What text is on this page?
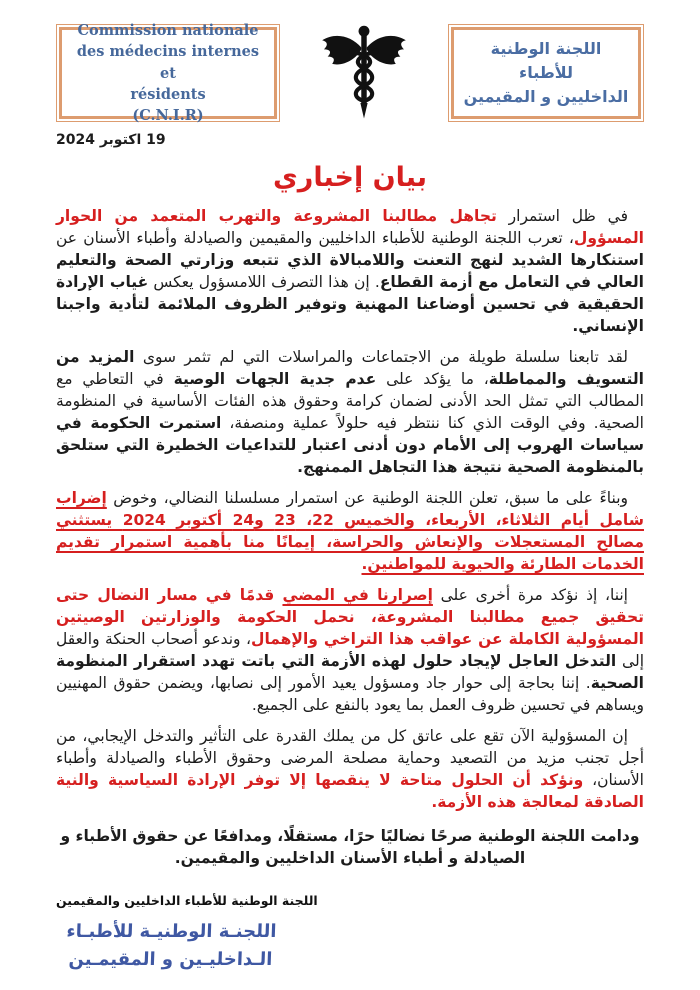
Commission nationale
des médecins internes et
résidents
(C.N.I.R)
اللجنة الوطنية
للأطباء
الداخليين و المقيمين
19 اكتوبر 2024
بيان إخباري

في ظل استمرار تجاهل مطالبنا المشروعة والتهرب المتعمد من الحوار المسؤول، تعرب اللجنة الوطنية للأطباء الداخليين والمقيمين والصيادلة وأطباء الأسنان عن استنكارها الشديد لنهج التعنت واللامبالاة الذي تتبعه وزارتي الصحة والتعليم العالي في التعامل مع أزمة القطاع. إن هذا التصرف اللامسؤول يعكس غياب الإرادة الحقيقية في تحسين أوضاعنا المهنية وتوفير الظروف الملائمة لتأدية واجبنا الإنساني.

لقد تابعنا سلسلة طويلة من الاجتماعات والمراسلات التي لم تثمر سوى المزيد من التسويف والمماطلة، ما يؤكد على عدم جدية الجهات الوصية في التعاطي مع المطالب التي تمثل الحد الأدنى لضمان كرامة وحقوق هذه الفئات الأساسية في المنظومة الصحية. وفي الوقت الذي كنا ننتظر فيه حلولاً عملية ومنصفة، استمرت الحكومة في سياسات الهروب إلى الأمام دون أدنى اعتبار للتداعيات الخطيرة التي ستلحق بالمنظومة الصحية نتيجة هذا التجاهل الممنهج.

وبناءً على ما سبق، تعلن اللجنة الوطنية عن استمرار مسلسلنا النضالي، وخوض إضراب شامل أيام الثلاثاء، الأربعاء، والخميس 22، 23 و24 أكتوبر 2024 يستثني مصالح المستعجلات والإنعاش والحراسة، إيمانًا منا بأهمية استمرار تقديم الخدمات الطارئة والحيوية للمواطنين.

إننا، إذ نؤكد مرة أخرى على إصرارنا في المضي قدمًا في مسار النضال حتى تحقيق جميع مطالبنا المشروعة، نحمل الحكومة والوزارتين الوصيتين المسؤولية الكاملة عن عواقب هذا التراخي والإهمال، وندعو أصحاب الحنكة والعقل إلى التدخل العاجل لإيجاد حلول لهذه الأزمة التي باتت تهدد استقرار المنظومة الصحية. إننا بحاجة إلى حوار جاد ومسؤول يعيد الأمور إلى نصابها، ويضمن حقوق المهنيين ويساهم في تحسين ظروف العمل بما يعود بالنفع على الجميع.

إن المسؤولية الآن تقع على عاتق كل من يملك القدرة على التأثير والتدخل الإيجابي، من أجل تجنب مزيد من التصعيد وحماية مصلحة المرضى وحقوق الأطباء والصيادلة وأطباء الأسنان، ونؤكد أن الحلول متاحة لا ينقصها إلا توفر الإرادة السياسية والنية الصادقة لمعالجة هذه الأزمة.

ودامت اللجنة الوطنية صرحًا نضاليًا حرًا، مستقلًا، ومدافعًا عن حقوق الأطباء و الصيادلة و أطباء الأسنان الداخليين والمقيمين.

اللجنة الوطنية للأطباء الداخليين والمقيمين
اللجنـة الوطنيـة للأطبـاء
الـداخليـين و المقيمـين
